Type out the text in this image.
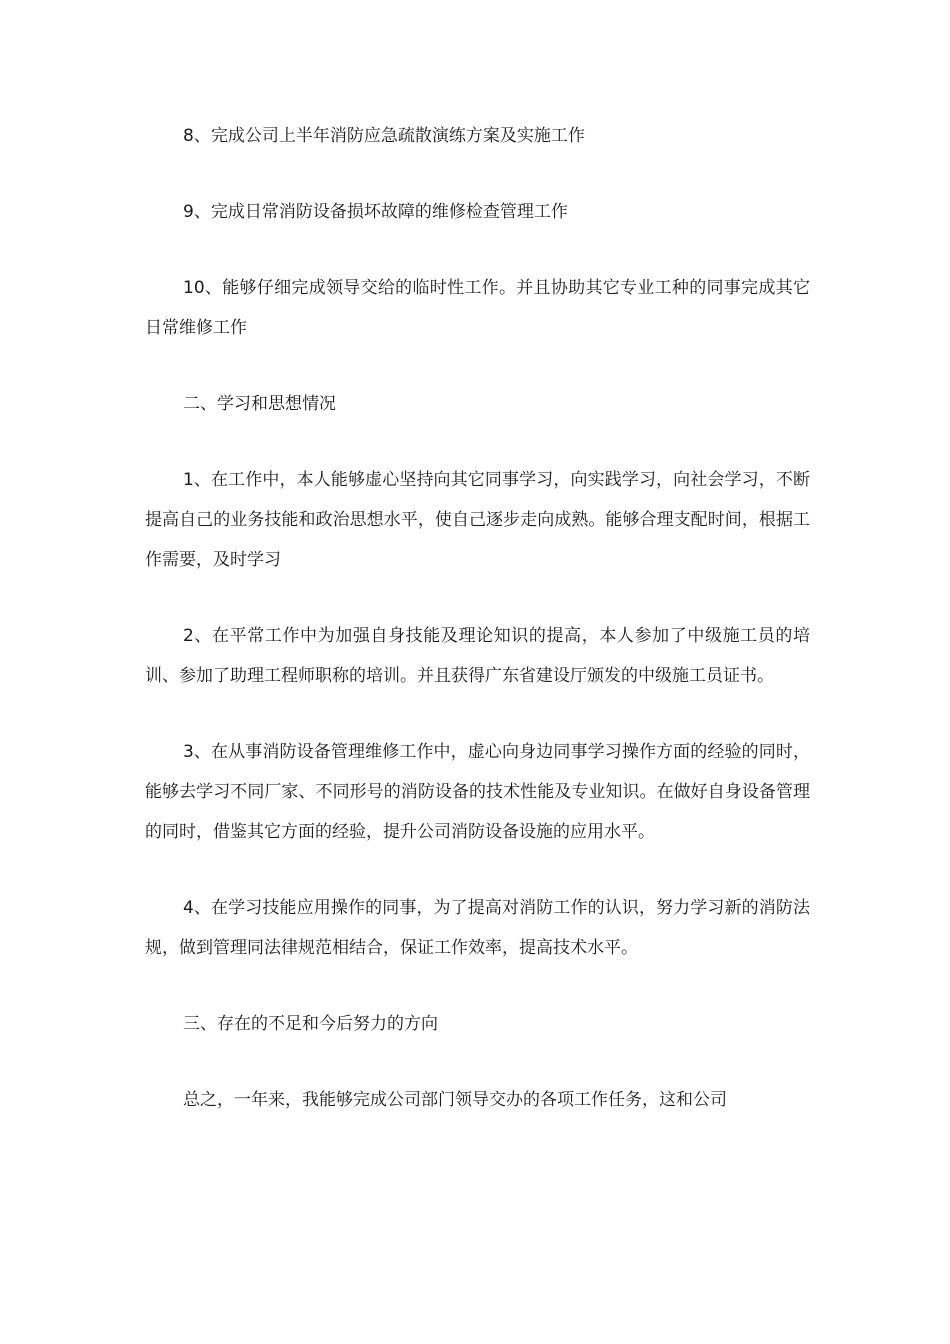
8、完成公司上半年消防应急疏散演练方案及实施工作

9、完成日常消防设备损坏故障的维修检查管理工作

10、能够仔细完成领导交给的临时性工作。并且协助其它专业工种的同事完成其它日常维修工作

二、学习和思想情况

1、在工作中，本人能够虚心坚持向其它同事学习，向实践学习，向社会学习，不断提高自己的业务技能和政治思想水平，使自己逐步走向成熟。能够合理支配时间，根据工作需要，及时学习

2、在平常工作中为加强自身技能及理论知识的提高，本人参加了中级施工员的培训、参加了助理工程师职称的培训。并且获得广东省建设厅颁发的中级施工员证书。

3、在从事消防设备管理维修工作中，虚心向身边同事学习操作方面的经验的同时，能够去学习不同厂家、不同形号的消防设备的技术性能及专业知识。在做好自身设备管理的同时，借鉴其它方面的经验，提升公司消防设备设施的应用水平。

4、在学习技能应用操作的同事，为了提高对消防工作的认识，努力学习新的消防法规，做到管理同法律规范相结合，保证工作效率，提高技术水平。

三、存在的不足和今后努力的方向

总之，一年来，我能够完成公司部门领导交办的各项工作任务，这和公司
